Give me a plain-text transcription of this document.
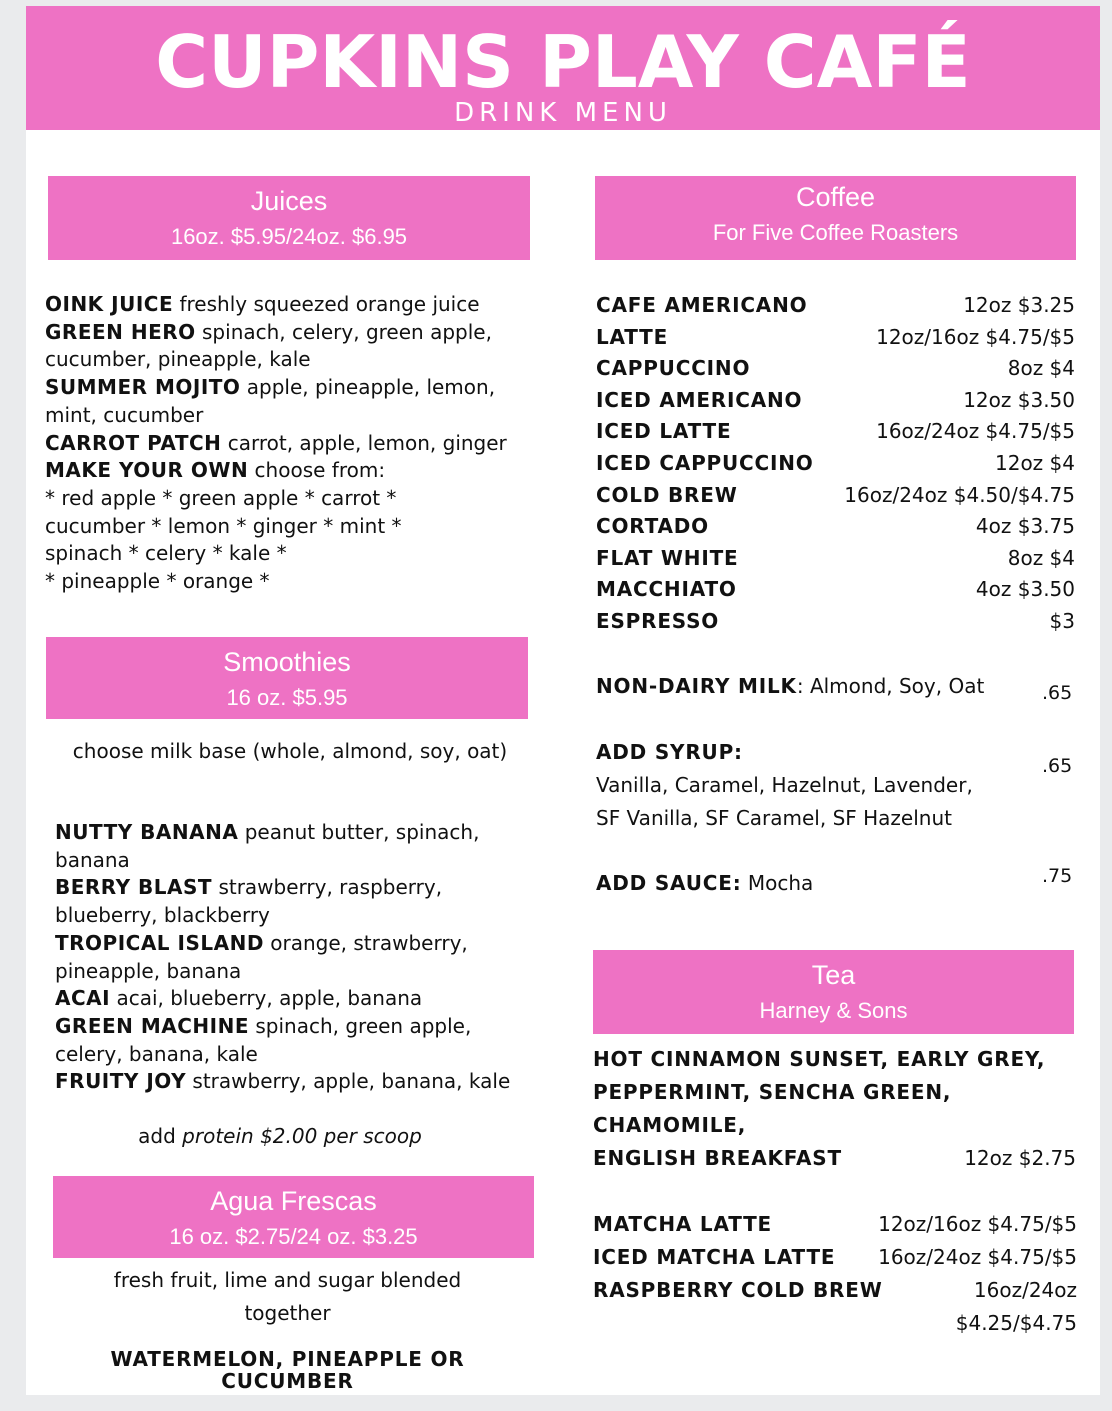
CUPKINS PLAY CAFÉ
DRINK MENU
Juices
16oz. $5.95/24oz. $6.95
OINK JUICE freshly squeezed orange juice
GREEN HERO spinach, celery, green apple, cucumber, pineapple, kale
SUMMER MOJITO apple, pineapple, lemon, mint, cucumber
CARROT PATCH carrot, apple, lemon, ginger
MAKE YOUR OWN choose from:
* red apple * green apple * carrot *
cucumber * lemon * ginger * mint *
spinach * celery * kale *
* pineapple * orange *
Smoothies
16 oz. $5.95
choose milk base (whole, almond, soy, oat)
NUTTY BANANA peanut butter, spinach, banana
BERRY BLAST strawberry, raspberry, blueberry, blackberry
TROPICAL ISLAND orange, strawberry, pineapple, banana
ACAI acai, blueberry, apple, banana
GREEN MACHINE spinach, green apple, celery, banana, kale
FRUITY JOY strawberry, apple, banana, kale
add protein $2.00 per scoop
Agua Frescas
16 oz. $2.75/24 oz. $3.25
fresh fruit, lime and sugar blended together
WATERMELON, PINEAPPLE OR CUCUMBER
Coffee
For Five Coffee Roasters
CAFE AMERICANO	12oz $3.25
LATTE	12oz/16oz $4.75/$5
CAPPUCCINO	8oz $4
ICED AMERICANO	12oz $3.50
ICED LATTE	16oz/24oz $4.75/$5
ICED CAPPUCCINO	12oz $4
COLD BREW	16oz/24oz $4.50/$4.75
CORTADO	4oz $3.75
FLAT WHITE	8oz $4
MACCHIATO	4oz $3.50
ESPRESSO	$3
NON-DAIRY MILK: Almond, Soy, Oat	.65
ADD SYRUP:
Vanilla, Caramel, Hazelnut, Lavender,
SF Vanilla, SF Caramel, SF Hazelnut
.65
ADD SAUCE: Mocha	.75
Tea
Harney & Sons
HOT CINNAMON SUNSET, EARLY GREY,
PEPPERMINT, SENCHA GREEN,
CHAMOMILE,
ENGLISH BREAKFAST	12oz $2.75
MATCHA LATTE	12oz/16oz $4.75/$5
ICED MATCHA LATTE 16oz/24oz $4.75/$5
RASPBERRY COLD BREW	16oz/24oz
$4.25/$4.75
